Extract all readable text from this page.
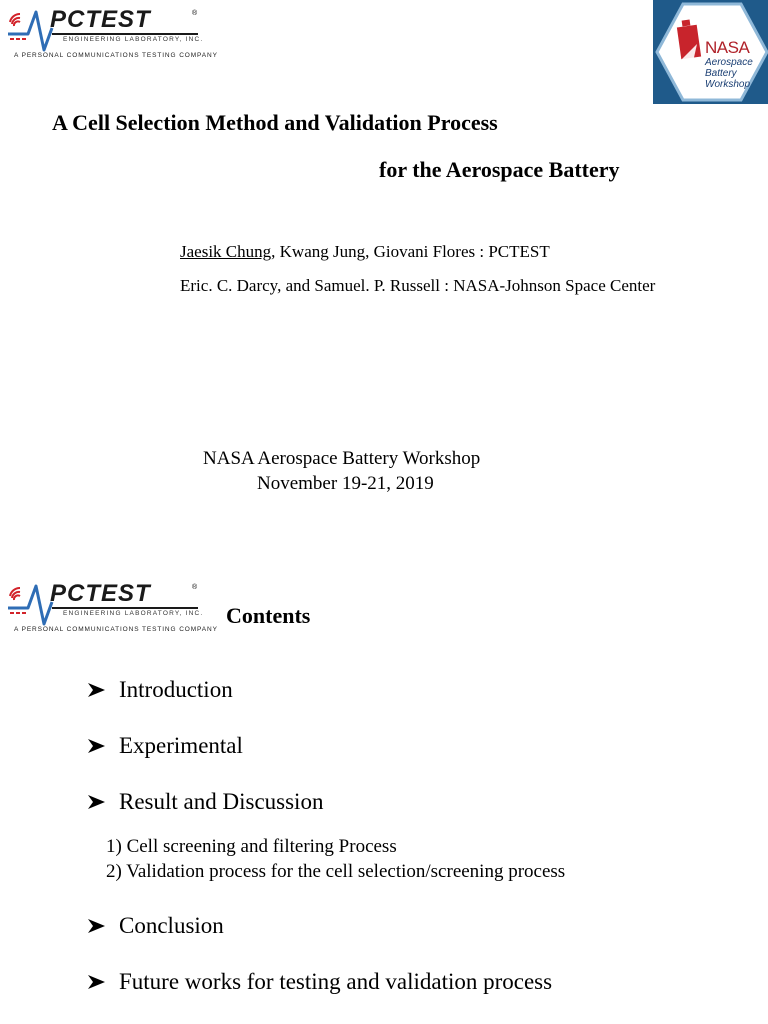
PCTEST	®
ENGINEERING LABORATORY, INC.
A PERSONAL COMMUNICATIONS TESTING COMPANY	NASA
Aerospace
Battery
Workshop
A Cell Selection Method and Validation Process
for the Aerospace Battery
Jaesik Chung, Kwang Jung, Giovani Flores : PCTEST
Eric. C. Darcy, and Samuel. P. Russell : NASA-Johnson Space Center
NASA Aerospace Battery Workshop
November 19-21, 2019
PCTEST	®
ENGINEERING LABORATORY, INC.
A PERSONAL COMMUNICATIONS TESTING COMPANY
Contents
Introduction
Experimental
Result and Discussion
1) Cell screening and filtering Process
2) Validation process for the cell selection/screening process
Conclusion
Future works for testing and validation process
